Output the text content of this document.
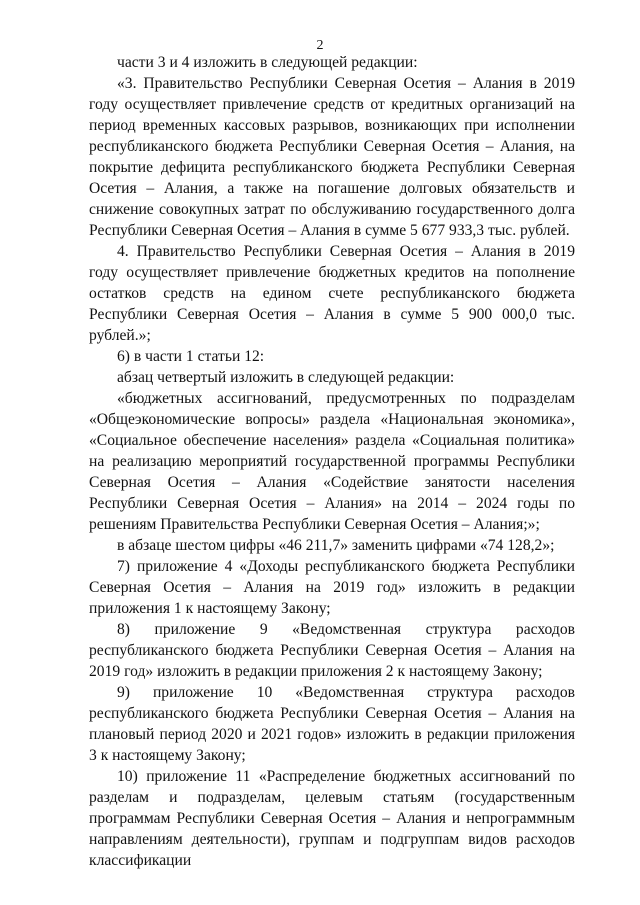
2

части 3 и 4 изложить в следующей редакции:

«3. Правительство Республики Северная Осетия – Алания в 2019 году осуществляет привлечение средств от кредитных организаций на период временных кассовых разрывов, возникающих при исполнении республиканского бюджета Республики Северная Осетия – Алания, на покрытие дефицита республиканского бюджета Республики Северная Осетия – Алания, а также на погашение долговых обязательств и снижение совокупных затрат по обслуживанию государственного долга Республики Северная Осетия – Алания в сумме 5 677 933,3 тыс. рублей.

4. Правительство Республики Северная Осетия – Алания в 2019 году осуществляет привлечение бюджетных кредитов на пополнение остатков средств на едином счете республиканского бюджета Республики Северная Осетия – Алания в сумме 5 900 000,0 тыс. рублей.»;

6) в части 1 статьи 12:

абзац четвертый изложить в следующей редакции:

«бюджетных ассигнований, предусмотренных по подразделам «Общеэкономические вопросы» раздела «Национальная экономика», «Социальное обеспечение населения» раздела «Социальная политика» на реализацию мероприятий государственной программы Республики Северная Осетия – Алания «Содействие занятости населения Республики Северная Осетия – Алания» на 2014 – 2024 годы по решениям Правительства Республики Северная Осетия – Алания;»;

в абзаце шестом цифры «46 211,7» заменить цифрами «74 128,2»;

7) приложение 4 «Доходы республиканского бюджета Республики Северная Осетия – Алания на 2019 год» изложить в редакции приложения 1 к настоящему Закону;

8) приложение 9 «Ведомственная структура расходов республиканского бюджета Республики Северная Осетия – Алания на 2019 год» изложить в редакции приложения 2 к настоящему Закону;

9) приложение 10 «Ведомственная структура расходов республиканского бюджета Республики Северная Осетия – Алания на плановый период 2020 и 2021 годов» изложить в редакции приложения 3 к настоящему Закону;

10) приложение 11 «Распределение бюджетных ассигнований по разделам и подразделам, целевым статьям (государственным программам Республики Северная Осетия – Алания и непрограммным направлениям деятельности), группам и подгруппам видов расходов классификации
